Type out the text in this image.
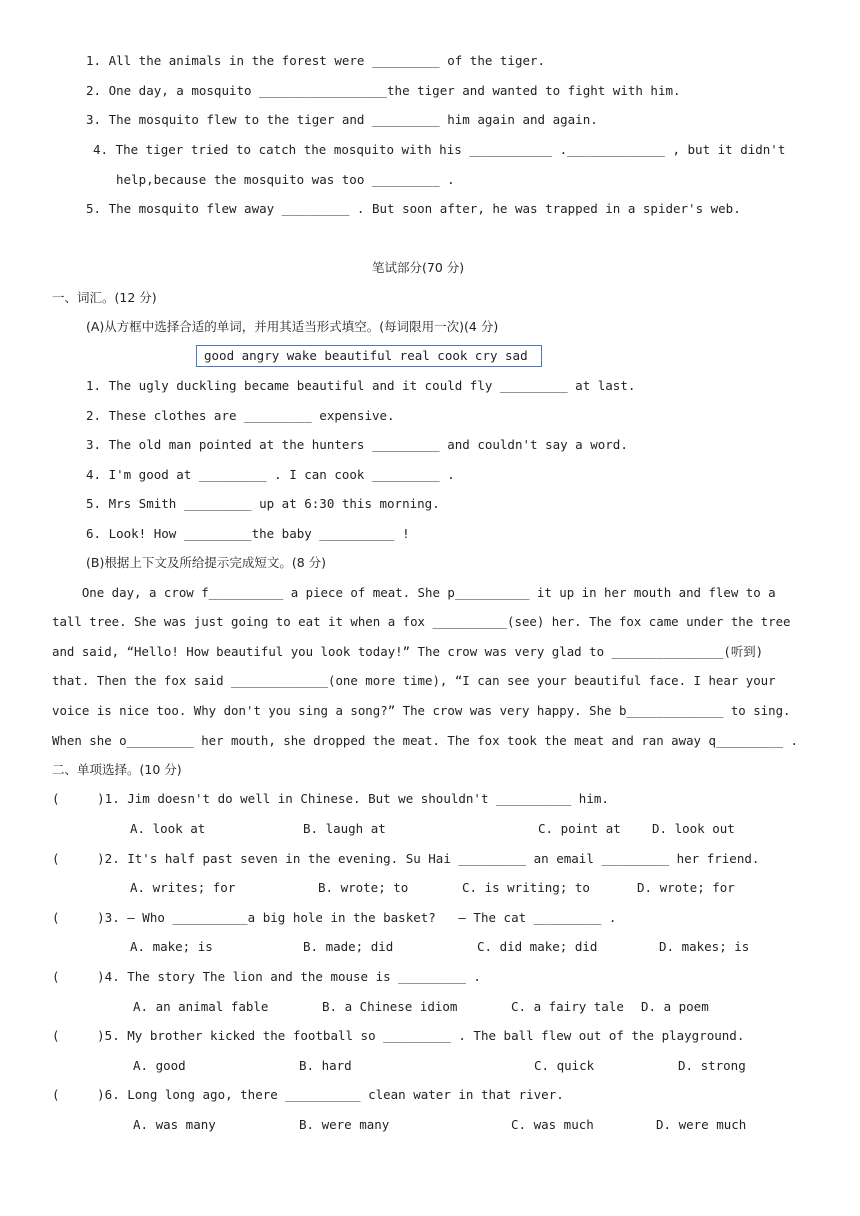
1. All the animals in the forest were _________ of the tiger.
2. One day, a mosquito _________________the tiger and wanted to fight with him.
3. The mosquito flew to the tiger and _________ him again and again.
4. The tiger tried to catch the mosquito with his ___________ ._____________ , but it didn't
help,because the mosquito was too _________ .
5. The mosquito flew away _________ . But soon after, he was trapped in a spider's web.
笔试部分(70 分)
一、词汇。(12 分)
(A)从方框中选择合适的单词，并用其适当形式填空。(每词限用一次)(4 分)
good angry wake beautiful real cook cry sad
1. The ugly duckling became beautiful and it could fly _________ at last.
2. These clothes are _________ expensive.
3. The old man pointed at the hunters _________ and couldn't say a word.
4. I'm good at _________ . I can cook _________ .
5. Mrs Smith _________ up at 6:30 this morning.
6. Look! How _________the baby __________ !
(B)根据上下文及所给提示完成短文。(8 分)
One day, a crow f__________ a piece of meat. She p__________ it up in her mouth and flew to a
tall tree. She was just going to eat it when a fox __________(see) her. The fox came under the tree
and said, “Hello! How beautiful you look today!” The crow was very glad to _______________(听到)
that. Then the fox said _____________(one more time), “I can see your beautiful face. I hear your
voice is nice too. Why don't you sing a song?” The crow was very happy. She b_____________ to sing.
When she o_________ her mouth, she dropped the meat. The fox took the meat and ran away q_________ .
二、单项选择。(10 分)
(     )1. Jim doesn't do well in Chinese. But we shouldn't __________ him.
A. look at	B. laugh at	C. point at D. look out
(     )2. It's half past seven in the evening. Su Hai _________ an email _________ her friend.
A. writes; for	B. wrote; to	C. is writing; to	D. wrote; for
(     )3. — Who __________a big hole in the basket?   — The cat _________ .
A. make; is	B. made; did	C. did make; did	D. makes; is
(     )4. The story The lion and the mouse is _________ .
A. an animal fable	B. a Chinese idiom	C. a fairy tale D. a poem
(     )5. My brother kicked the football so _________ . The ball flew out of the playground.
A. good	B. hard	C. quick	D. strong
(     )6. Long long ago, there __________ clean water in that river.
A. was many	B. were many	C. was much	D. were much
